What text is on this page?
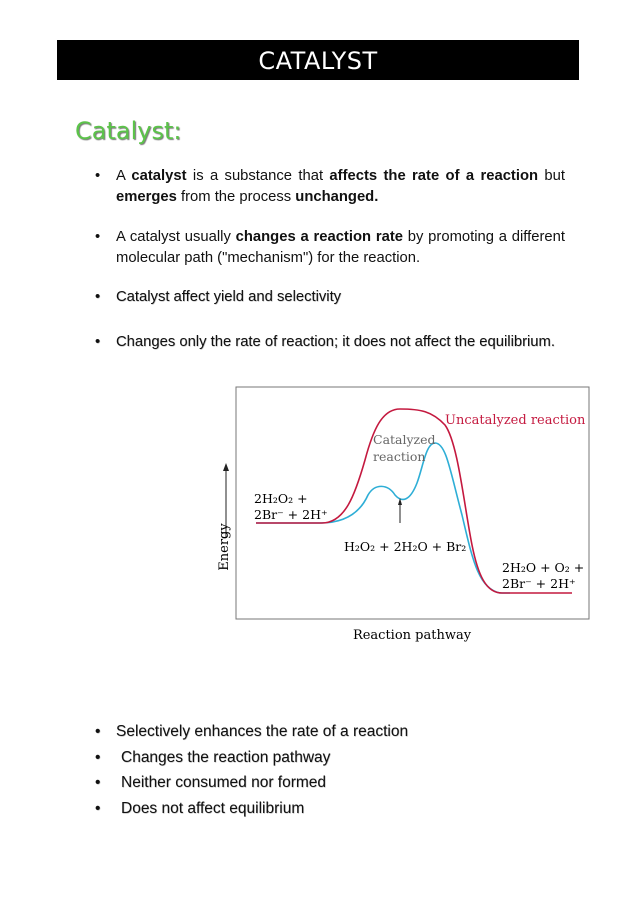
CATALYST
Catalyst:
• A catalyst is a substance that affects the rate of a reaction but emerges from the process unchanged.
• A catalyst usually changes a reaction rate by promoting a different molecular path ("mechanism") for the reaction.
• Catalyst affect yield and selectivity
• Changes only the rate of reaction; it does not affect the equilibrium.
Energy
Reaction pathway
Uncatalyzed reaction
Catalyzed
reaction
2H₂O₂ +
2Br⁻ + 2H⁺
H₂O₂ + 2H₂O + Br₂
2H₂O + O₂ +
2Br⁻ + 2H⁺
• Selectively enhances the rate of a reaction
• Changes the reaction pathway
• Neither consumed nor formed
• Does not affect equilibrium
